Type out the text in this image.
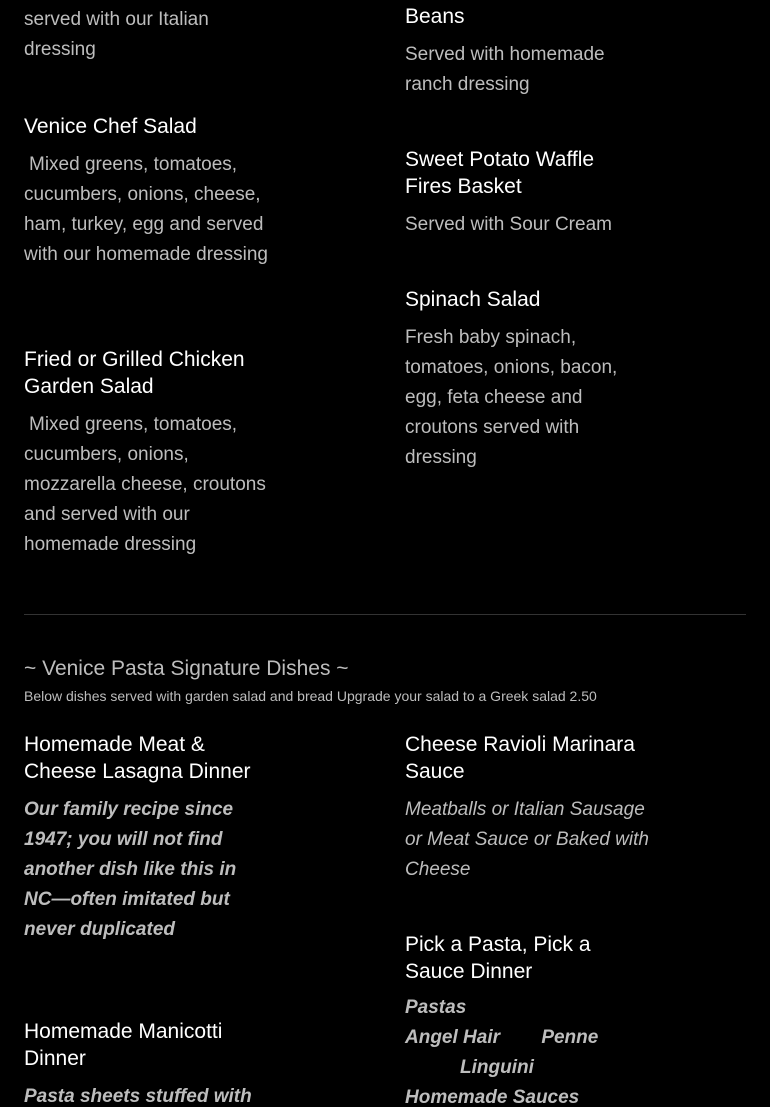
served with our Italian dressing
Beans
Served with homemade ranch dressing
Venice Chef Salad
Mixed greens, tomatoes, cucumbers, onions, cheese, ham, turkey, egg and served with our homemade dressing
Fried or Grilled Chicken Garden Salad
Mixed greens, tomatoes, cucumbers, onions, mozzarella cheese, croutons and served with our homemade dressing
Sweet Potato Waffle Fires Basket
Served with Sour Cream
Spinach Salad
Fresh baby spinach, tomatoes, onions, bacon, egg, feta cheese and croutons served with dressing
~ Venice Pasta Signature Dishes ~
Below dishes served with garden salad and bread Upgrade your salad to a Greek salad 2.50
Homemade Meat & Cheese Lasagna Dinner
Our family recipe since 1947; you will not find another dish like this in NC—often imitated but never duplicated
Cheese Ravioli Marinara Sauce
Meatballs or Italian Sausage or Meat Sauce or Baked with Cheese
Homemade Manicotti Dinner
Pasta sheets stuffed with
Pick a Pasta, Pick a Sauce Dinner
Pastas
Angel Hair Penne
Linguini
Homemade Sauces
